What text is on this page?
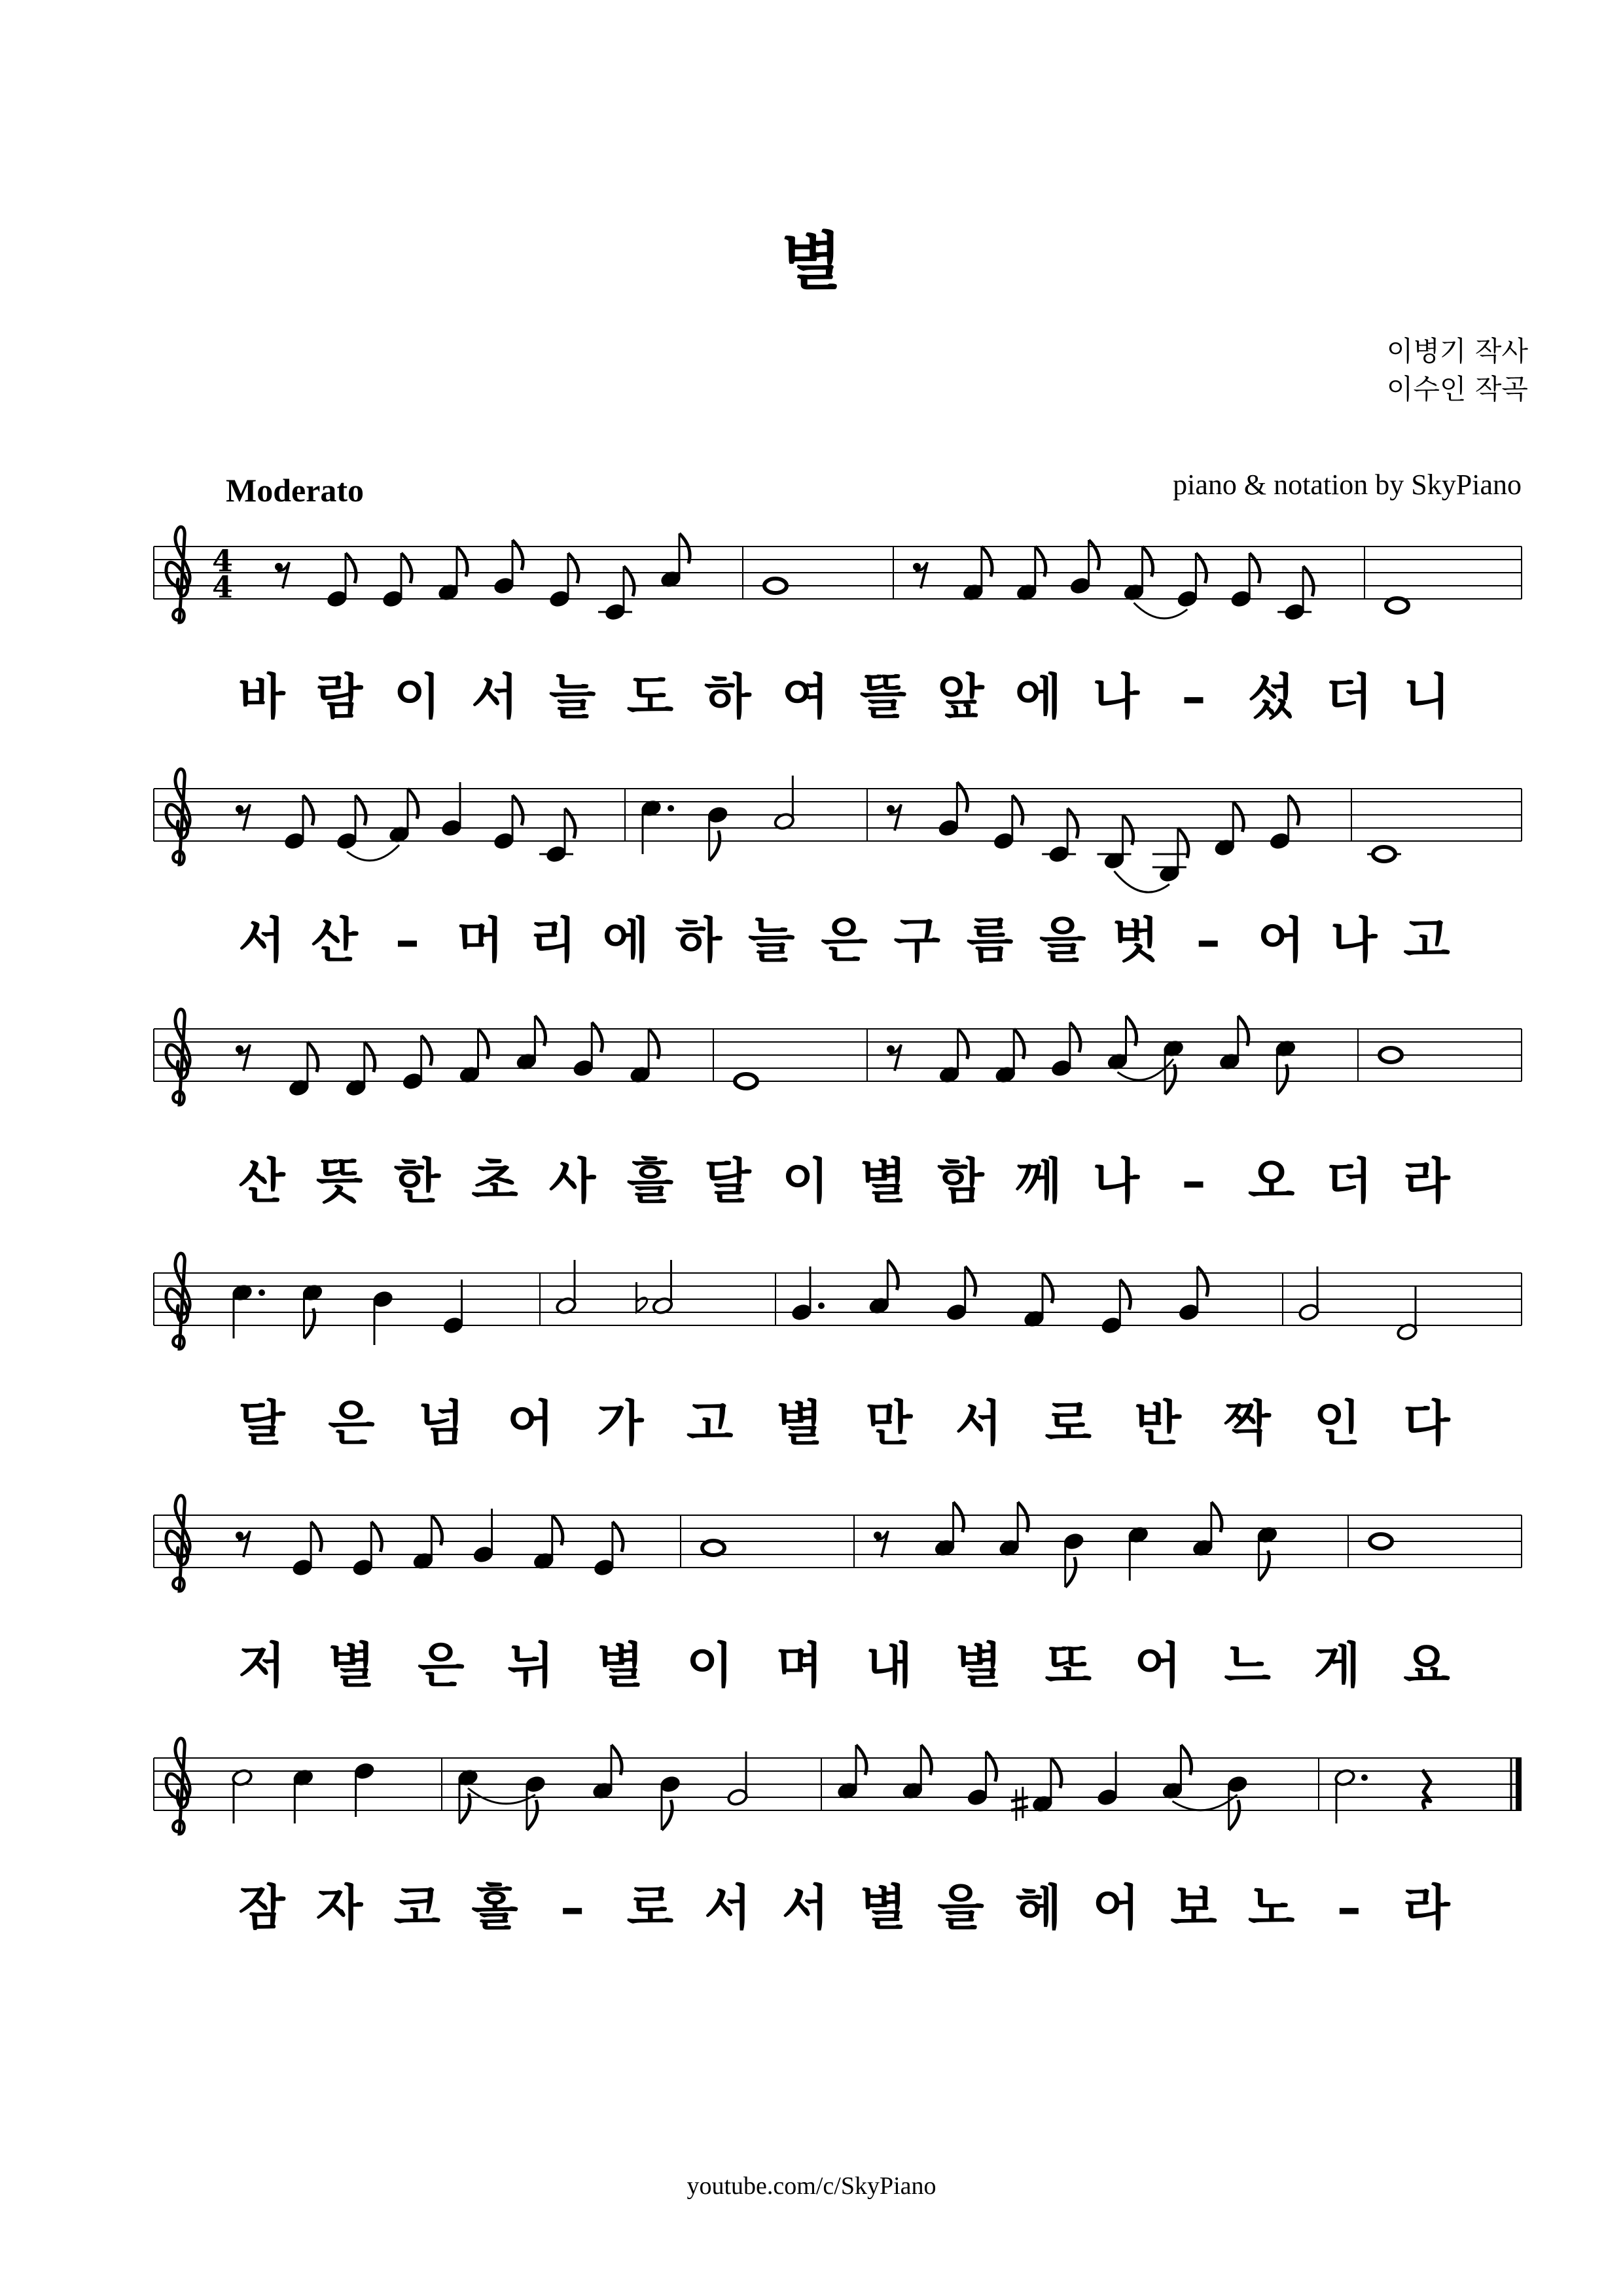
별
이병기 작사
이수인 작곡
Moderato	piano & notation by SkyPiano
4
4
바 람 이 서 늘 도 하 여 뜰 앞 에 나 – 섰 더 니
서 산 – 머 리 에 하 늘 은 구 름 을 벗 – 어 나 고
산 뜻 한 초 사 흘 달 이 별 함 께 나 – 오 더 라
달 은 넘 어 가 고 별 만 서 로 반 짝 인 다
저 별 은 뉘 별 이 며 내 별 또 어 느 게 요
잠 자 코 홀 – 로 서 서 별 을 헤 어 보 노 – 라
youtube.com/c/SkyPiano
